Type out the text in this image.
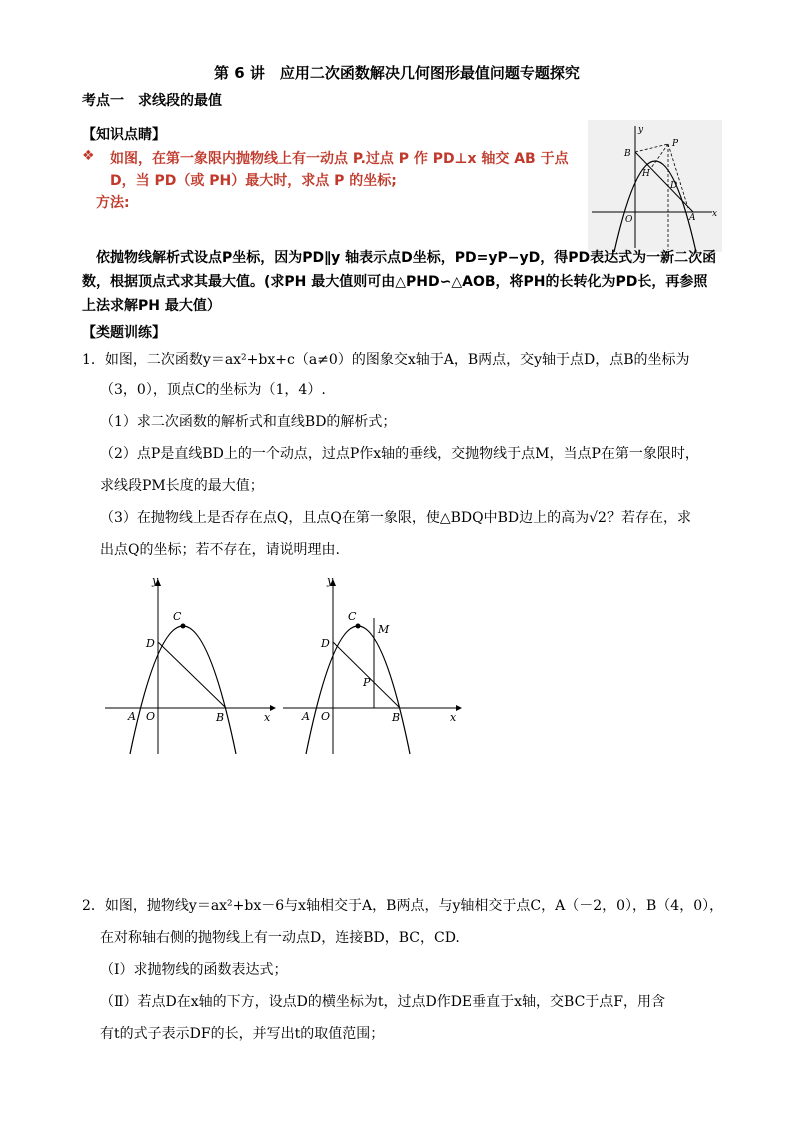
第 6 讲　应用二次函数解决几何图形最值问题专题探究
考点一　求线段的最值
【知识点睛】
❖ 如图，在第一象限内抛物线上有一动点 P.过点 P 作 PD⊥x 轴交 AB 于点
D，当 PD（或 PH）最大时，求点 P 的坐标;
方法:
y
x
O
P
B
H
D
A
依抛物线解析式设点P坐标，因为PD∥y 轴表示点D坐标，PD=yP−yD，得PD表达式为一新二次函
数，根据顶点式求其最大值。(求PH 最大值则可由△PHD∽△AOB，将PH的长转化为PD长，再参照
上法求解PH 最大值）
【类题训练】
1．如图，二次函数y＝ax²+bx+c（a≠0）的图象交x轴于A，B两点，交y轴于点D，点B的坐标为
（3，0），顶点C的坐标为（1，4）.
（1）求二次函数的解析式和直线BD的解析式；
（2）点P是直线BD上的一个动点，过点P作x轴的垂线，交抛物线于点M，当点P在第一象限时，
求线段PM长度的最大值；
（3）在抛物线上是否存在点Q，且点Q在第一象限，使△BDQ中BD边上的高为√2？若存在，求
出点Q的坐标；若不存在，请说明理由.
y
x
O
A	B
C
D
y
x
O
A	B
C
D
M
P
2．如图，抛物线y＝ax²+bx－6与x轴相交于A，B两点，与y轴相交于点C，A（－2，0），B（4，0），
在对称轴右侧的抛物线上有一动点D，连接BD，BC，CD.
（Ⅰ）求抛物线的函数表达式；
（Ⅱ）若点D在x轴的下方，设点D的横坐标为t，过点D作DE垂直于x轴，交BC于点F，用含
有t的式子表示DF的长，并写出t的取值范围；
